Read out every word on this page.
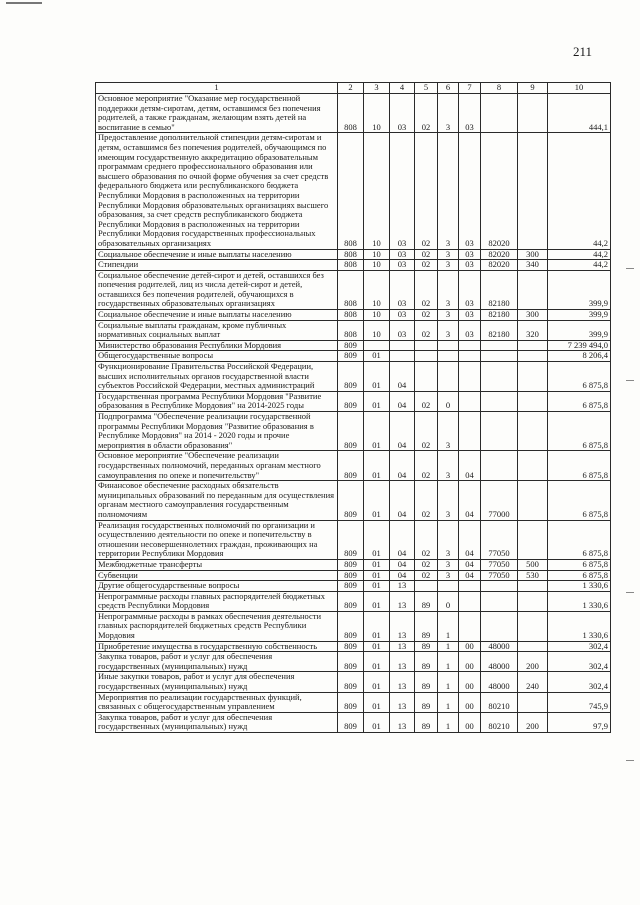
211
1	2	3	4	5	6	7	8	9	10
Основное мероприятие "Оказание мер государственной поддержки детям-сиротам, детям, оставшимся без попечения родителей, а также гражданам, желающим взять детей на воспитание в семью"	808	10	03	02	3	03			444,1
Предоставление дополнительной стипендии детям-сиротам и детям, оставшимся без попечения родителей, обучающимся по имеющим государственную аккредитацию образовательным программам среднего профессионального образования или высшего образования по очной форме обучения за счет средств федерального бюджета или республиканского бюджета Республики Мордовия в расположенных на территории Республики Мордовия образовательных организациях высшего образования, за счет средств республиканского бюджета Республики Мордовия в расположенных на территории Республики Мордовия государственных профессиональных образовательных организациях	808	10	03	02	3	03	82020		44,2
Социальное обеспечение и иные выплаты населению	808	10	03	02	3	03	82020	300	44,2
Стипендии	808	10	03	02	3	03	82020	340	44,2
Социальное обеспечение детей-сирот и детей, оставшихся без попечения родителей, лиц из числа детей-сирот и детей, оставшихся без попечения родителей, обучающихся в государственных образовательных организациях	808	10	03	02	3	03	82180		399,9
Социальное обеспечение и иные выплаты населению	808	10	03	02	3	03	82180	300	399,9
Социальные выплаты гражданам, кроме публичных нормативных социальных выплат	808	10	03	02	3	03	82180	320	399,9
Министерство образования Республики Мордовия	809								7 239 494,0
Общегосударственные вопросы	809	01							8 206,4
Функционирование Правительства Российской Федерации, высших исполнительных органов государственной власти субъектов Российской Федерации, местных администраций	809	01	04						6 875,8
Государственная программа Республики Мордовия "Развитие образования в Республике Мордовия" на 2014-2025 годы	809	01	04	02	0				6 875,8
Подпрограмма "Обеспечение реализации государственной программы Республики Мордовия "Развитие образования в Республике Мордовия" на 2014 - 2020 годы и прочие мероприятия в области образования"	809	01	04	02	3				6 875,8
Основное мероприятие "Обеспечение реализации государственных полномочий, переданных органам местного самоуправления по опеке и попечительству"	809	01	04	02	3	04			6 875,8
Финансовое обеспечение расходных обязательств муниципальных образований по переданным для осуществления органам местного самоуправления государственным полномочиям	809	01	04	02	3	04	77000		6 875,8
Реализация государственных полномочий по организации и осуществлению деятельности по опеке и попечительству в отношении несовершеннолетних граждан, проживающих на территории Республики Мордовия	809	01	04	02	3	04	77050		6 875,8
Межбюджетные трансферты	809	01	04	02	3	04	77050	500	6 875,8
Субвенции	809	01	04	02	3	04	77050	530	6 875,8
Другие общегосударственные вопросы	809	01	13						1 330,6
Непрограммные расходы главных распорядителей бюджетных средств Республики Мордовия	809	01	13	89	0				1 330,6
Непрограммные расходы в рамках обеспечения деятельности главных распорядителей бюджетных средств Республики Мордовия	809	01	13	89	1				1 330,6
Приобретение имущества в государственную собственность	809	01	13	89	1	00	48000		302,4
Закупка товаров, работ и услуг для обеспечения государственных (муниципальных) нужд	809	01	13	89	1	00	48000	200	302,4
Иные закупки товаров, работ и услуг для обеспечения государственных (муниципальных) нужд	809	01	13	89	1	00	48000	240	302,4
Мероприятия по реализации государственных функций, связанных с общегосударственным управлением	809	01	13	89	1	00	80210		745,9
Закупка товаров, работ и услуг для обеспечения государственных (муниципальных) нужд	809	01	13	89	1	00	80210	200	97,9
